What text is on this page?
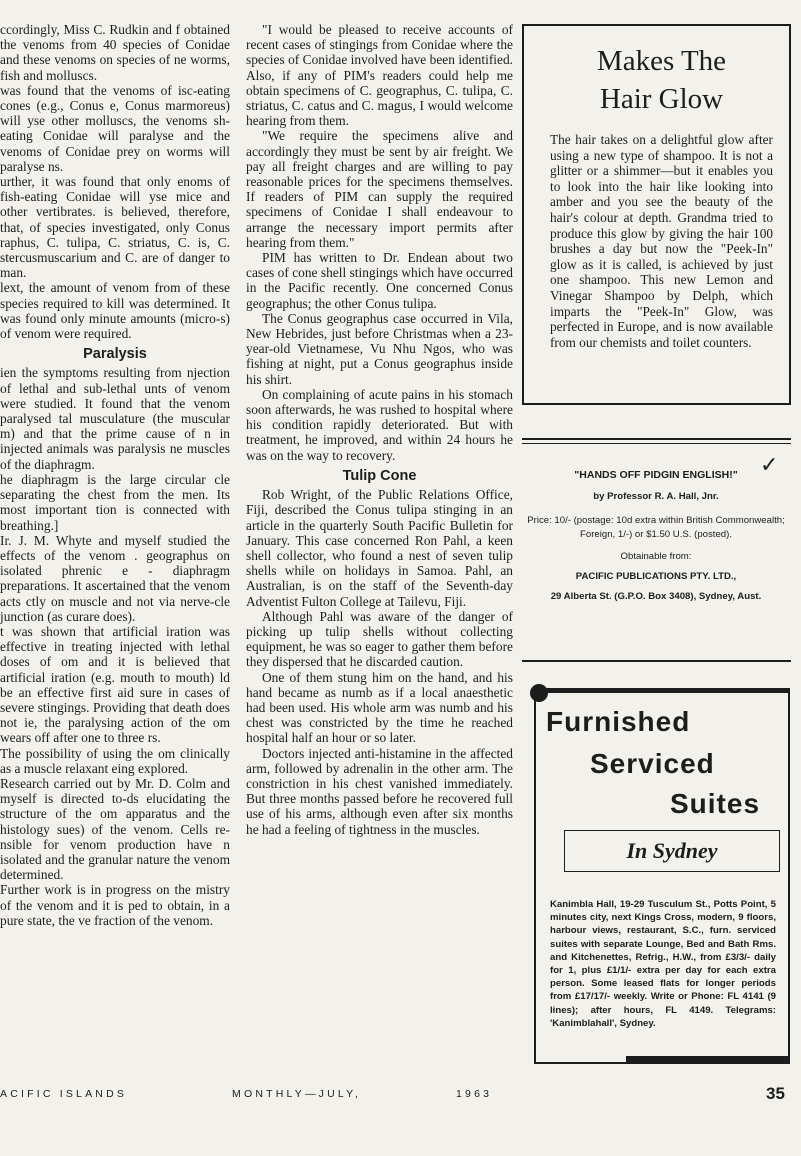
ccordingly, Miss C. Rudkin and f obtained the venoms from 40 species of Conidae and these venoms on species of ne worms, fish and molluscs.

was found that the venoms of isc-eating cones (e.g., Conus e, Conus marmoreus) will yse other molluscs, the venoms sh-eating Conidae will paralyse and the venoms of Conidae prey on worms will paralyse ns.

urther, it was found that only enoms of fish-eating Conidae will yse mice and other vertibrates. is believed, therefore, that, of species investigated, only Conus raphus, C. tulipa, C. striatus, C. is, C. stercusmuscarium and C. are of danger to man.

lext, the amount of venom from of these species required to kill was determined. It was found only minute amounts (micro-s) of venom were required.

Paralysis

ien the symptoms resulting from njection of lethal and sub-lethal unts of venom were studied. It found that the venom paralysed tal musculature (the muscular m) and that the prime cause of n in injected animals was paralysis ne muscles of the diaphragm.

he diaphragm is the large circular cle separating the chest from the men. Its most important tion is connected with breathing.]

Ir. J. M. Whyte and myself studied the effects of the venom . geographus on isolated phrenic e - diaphragm preparations. It ascertained that the venom acts ctly on muscle and not via nerve-cle junction (as curare does).

t was shown that artificial iration was effective in treating injected with lethal doses of om and it is believed that artificial iration (e.g. mouth to mouth) ld be an effective first aid sure in cases of severe stingings. Providing that death does not ie, the paralysing action of the om wears off after one to three rs.

The possibility of using the om clinically as a muscle relaxant eing explored.

Research carried out by Mr. D. Colm and myself is directed to-ds elucidating the structure of the om apparatus and the histology sues) of the venom. Cells re-nsible for venom production have n isolated and the granular nature the venom determined.

Further work is in progress on the mistry of the venom and it is ped to obtain, in a pure state, the ve fraction of the venom.

"I would be pleased to receive accounts of recent cases of stingings from Conidae where the species of Conidae involved have been identified. Also, if any of PIM's readers could help me obtain specimens of C. geographus, C. tulipa, C. striatus, C. catus and C. magus, I would welcome hearing from them.

"We require the specimens alive and accordingly they must be sent by air freight. We pay all freight charges and are willing to pay reasonable prices for the specimens themselves. If readers of PIM can supply the required specimens of Conidae I shall endeavour to arrange the necessary import permits after hearing from them."

PIM has written to Dr. Endean about two cases of cone shell stingings which have occurred in the Pacific recently. One concerned Conus geographus; the other Conus tulipa.

The Conus geographus case occurred in Vila, New Hebrides, just before Christmas when a 23-year-old Vietnamese, Vu Nhu Ngos, who was fishing at night, put a Conus geographus inside his shirt.

On complaining of acute pains in his stomach soon afterwards, he was rushed to hospital where his condition rapidly deteriorated. But with treatment, he improved, and within 24 hours he was on the way to recovery.

Tulip Cone

Rob Wright, of the Public Relations Office, Fiji, described the Conus tulipa stinging in an article in the quarterly South Pacific Bulletin for January. This case concerned Ron Pahl, a keen shell collector, who found a nest of seven tulip shells while on holidays in Samoa. Pahl, an Australian, is on the staff of the Seventh-day Adventist Fulton College at Tailevu, Fiji.

Although Pahl was aware of the danger of picking up tulip shells without collecting equipment, he was so eager to gather them before they dispersed that he discarded caution.

One of them stung him on the hand, and his hand became as numb as if a local anaesthetic had been used. His whole arm was numb and his chest was constricted by the time he reached hospital half an hour or so later.

Doctors injected anti-histamine in the affected arm, followed by adrenalin in the other arm. The constriction in his chest vanished immediately. But three months passed before he recovered full use of his arms, although even after six months he had a feeling of tightness in the muscles.

Makes The
Hair Glow

The hair takes on a delightful glow after using a new type of shampoo. It is not a glitter or a shimmer—but it enables you to look into the hair like looking into amber and you see the beauty of the hair's colour at depth. Grandma tried to produce this glow by giving the hair 100 brushes a day but now the "Peek-In" glow as it is called, is achieved by just one shampoo. This new Lemon and Vinegar Shampoo by Delph, which imparts the "Peek-In" Glow, was perfected in Europe, and is now available from our chemists and toilet counters.

✓
"HANDS OFF PIDGIN ENGLISH!"
by Professor R. A. Hall, Jnr.
Price: 10/- (postage: 10d extra within British Commonwealth; Foreign, 1/-) or $1.50 U.S. (posted).
Obtainable from:
PACIFIC PUBLICATIONS PTY. LTD.,
29 Alberta St. (G.P.O. Box 3408), Sydney, Aust.
Furnished
Serviced
Suites
In Sydney
Kanimbla Hall, 19-29 Tusculum St., Potts Point, 5 minutes city, next Kings Cross, modern, 9 floors, harbour views, restaurant, S.C., furn. serviced suites with separate Lounge, Bed and Bath Rms. and Kitchenettes, Refrig., H.W., from £3/3/- daily for 1, plus £1/1/- extra per day for each extra person. Some leased flats for longer periods from £17/17/- weekly. Write or Phone: FL 4141 (9 lines); after hours, FL 4149. Telegrams: 'Kanimblahall', Sydney.
ACIFIC ISLANDS	MONTHLY—JULY,	1963	35
